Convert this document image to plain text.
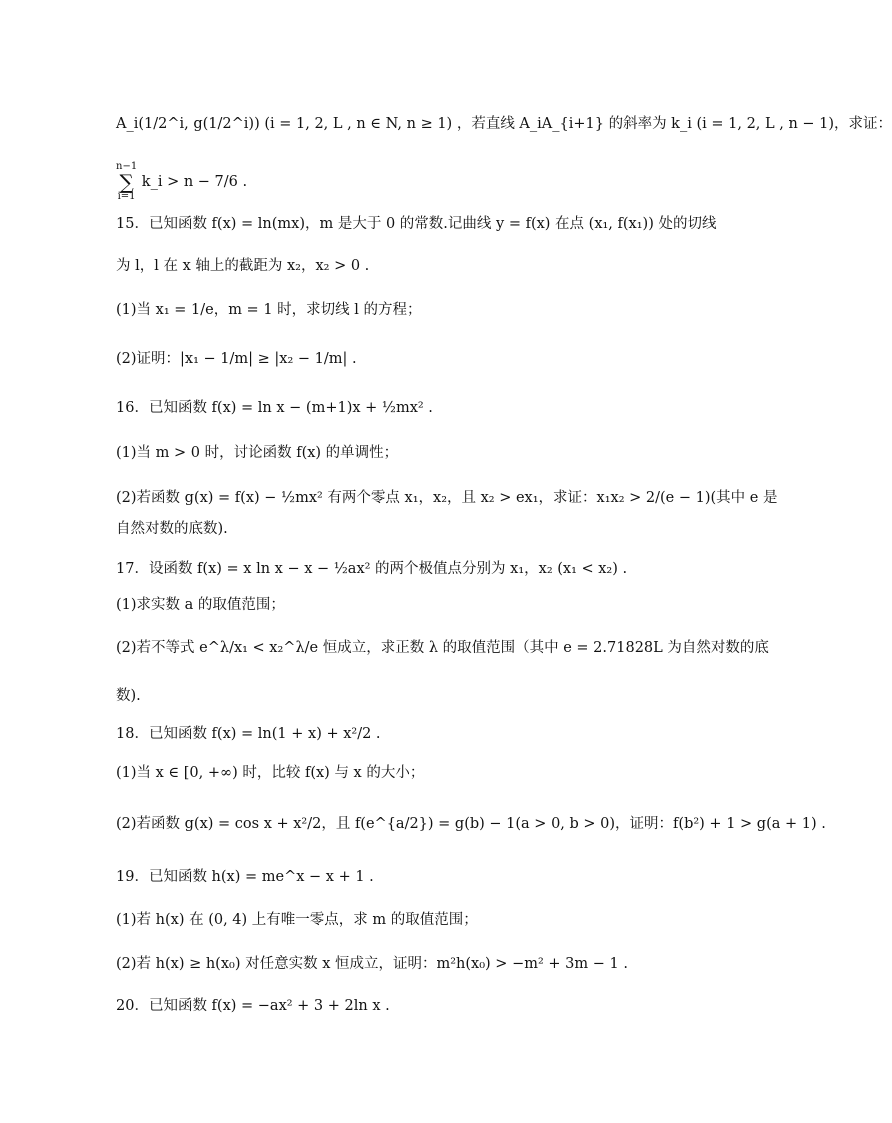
A_i(1/2^i, g(1/2^i)) (i = 1, 2, L , n ∈ N, n ≥ 1) ，若直线 A_iA_{i+1} 的斜率为 k_i (i = 1, 2, L , n − 1)，求证：
n−1
∑
i=1 k_i > n − 7/6 .
15．已知函数 f(x) = ln(mx)，m 是大于 0 的常数.记曲线 y = f(x) 在点 (x₁, f(x₁)) 处的切线
为 l，l 在 x 轴上的截距为 x₂，x₂ > 0 .
(1)当 x₁ = 1/e，m = 1 时，求切线 l 的方程；
(2)证明：|x₁ − 1/m| ≥ |x₂ − 1/m| .
16．已知函数 f(x) = ln x − (m+1)x + ½mx² .
(1)当 m > 0 时，讨论函数 f(x) 的单调性；
(2)若函数 g(x) = f(x) − ½mx² 有两个零点 x₁，x₂，且 x₂ > ex₁，求证：x₁x₂ > 2/(e − 1)(其中 e 是
自然对数的底数).
17．设函数 f(x) = x ln x − x − ½ax² 的两个极值点分别为 x₁，x₂ (x₁ < x₂) .
(1)求实数 a 的取值范围；
(2)若不等式 e^λ/x₁ < x₂^λ/e 恒成立，求正数 λ 的取值范围（其中 e = 2.71828L 为自然对数的底
数).
18．已知函数 f(x) = ln(1 + x) + x²/2 .
(1)当 x ∈ [0, +∞) 时，比较 f(x) 与 x 的大小；
(2)若函数 g(x) = cos x + x²/2，且 f(e^{a/2}) = g(b) − 1(a > 0, b > 0)，证明：f(b²) + 1 > g(a + 1) .
19．已知函数 h(x) = me^x − x + 1 .
(1)若 h(x) 在 (0, 4) 上有唯一零点，求 m 的取值范围；
(2)若 h(x) ≥ h(x₀) 对任意实数 x 恒成立，证明：m²h(x₀) > −m² + 3m − 1 .
20．已知函数 f(x) = −ax² + 3 + 2ln x .
